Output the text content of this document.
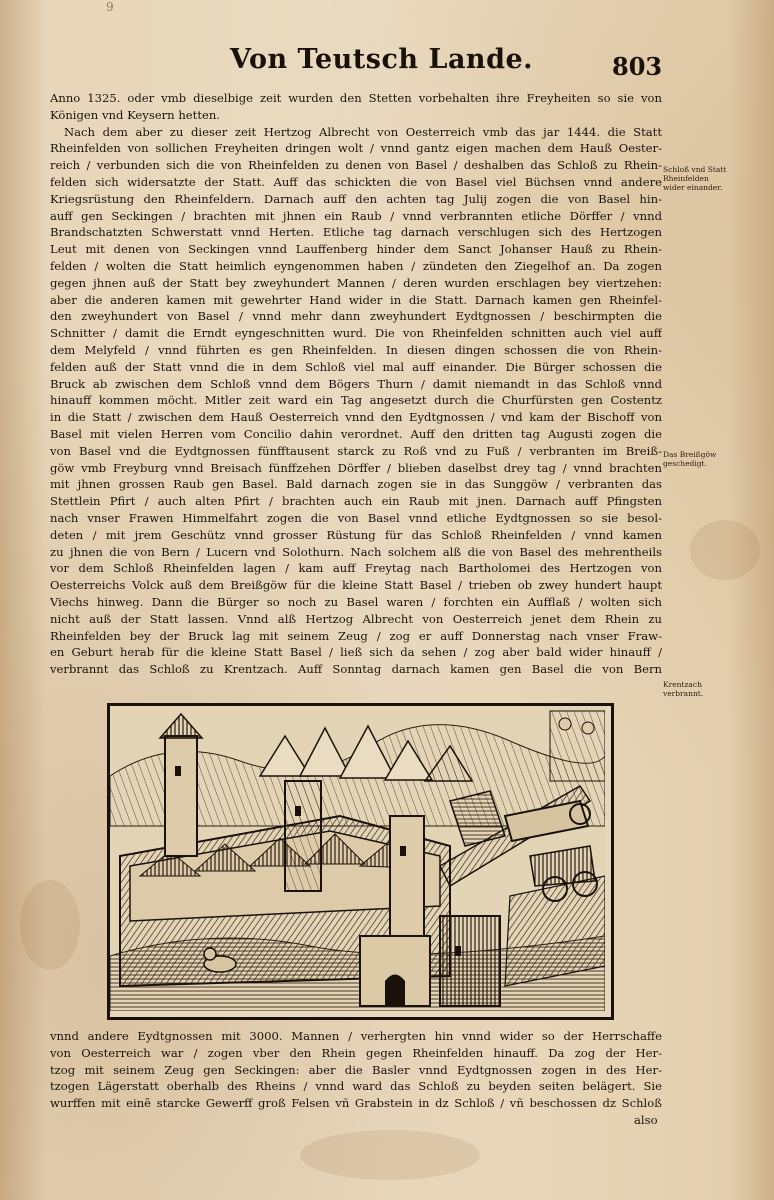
9
Von Teutsch Lande.	803
Anno 1325. oder vmb dieselbige zeit wurden den Stetten vorbehalten ihre Freyheiten so sie von
Königen vnd Keysern hetten.
Nach dem aber zu dieser zeit Hertzog Albrecht von Oesterreich vmb das jar 1444. die Statt
Rheinfelden von sollichen Freyheiten dringen wolt / vnnd gantz eigen machen dem Hauß Oester-
reich / verbunden sich die von Rheinfelden zu denen von Basel / deshalben das Schloß zu Rhein-
felden sich widersatzte der Statt. Auff das schickten die von Basel viel Büchsen vnnd andere
Kriegsrüstung den Rheinfeldern. Darnach auff den achten tag Julij zogen die von Basel hin-
auff gen Seckingen / brachten mit jhnen ein Raub / vnnd verbrannten etliche Dörffer / vnnd
Brandschatzten Schwerstatt vnnd Herten. Etliche tag darnach verschlugen sich des Hertzogen
Leut mit denen von Seckingen vnnd Lauffenberg hinder dem Sanct Johanser Hauß zu Rhein-
felden / wolten die Statt heimlich eyngenommen haben / zündeten den Ziegelhof an. Da zogen
gegen jhnen auß der Statt bey zweyhundert Mannen / deren wurden erschlagen bey viertzehen:
aber die anderen kamen mit gewehrter Hand wider in die Statt. Darnach kamen gen Rheinfel-
den zweyhundert von Basel / vnnd mehr dann zweyhundert Eydtgnossen / beschirmpten die
Schnitter / damit die Erndt eyngeschnitten wurd. Die von Rheinfelden schnitten auch viel auff
dem Melyfeld / vnnd führten es gen Rheinfelden. In diesen dingen schossen die von Rhein-
felden auß der Statt vnnd die in dem Schloß viel mal auff einander. Die Bürger schossen die
Bruck ab zwischen dem Schloß vnnd dem Bögers Thurn / damit niemandt in das Schloß vnnd
hinauff kommen möcht. Mitler zeit ward ein Tag angesetzt durch die Churfürsten gen Costentz
in die Statt / zwischen dem Hauß Oesterreich vnnd den Eydtgnossen / vnd kam der Bischoff von
Basel mit vielen Herren vom Concilio dahin verordnet. Auff den dritten tag Augusti zogen die
von Basel vnd die Eydtgnossen fünfftausent starck zu Roß vnd zu Fuß / verbranten im Breiß-
göw vmb Freyburg vnnd Breisach fünffzehen Dörffer / blieben daselbst drey tag / vnnd brachten
mit jhnen grossen Raub gen Basel. Bald darnach zogen sie in das Sunggöw / verbranten das
Stettlein Pfirt / auch alten Pfirt / brachten auch ein Raub mit jnen. Darnach auff Pfingsten
nach vnser Frawen Himmelfahrt zogen die von Basel vnnd etliche Eydtgnossen so sie besol-
deten / mit jrem Geschütz vnnd grosser Rüstung für das Schloß Rheinfelden / vnnd kamen
zu jhnen die von Bern / Lucern vnd Solothurn. Nach solchem alß die von Basel des mehrentheils
vor dem Schloß Rheinfelden lagen / kam auff Freytag nach Bartholomei des Hertzogen von
Oesterreichs Volck auß dem Breißgöw für die kleine Statt Basel / trieben ob zwey hundert haupt
Viechs hinweg. Dann die Bürger so noch zu Basel waren / forchten ein Aufflaß / wolten sich
nicht auß der Statt lassen. Vnnd alß Hertzog Albrecht von Oesterreich jenet dem Rhein zu
Rheinfelden bey der Bruck lag mit seinem Zeug / zog er auff Donnerstag nach vnser Fraw-
en Geburt herab für die kleine Statt Basel / ließ sich da sehen / zog aber bald wider hinauff /
verbrannt das Schloß zu Krentzach. Auff Sonntag darnach kamen gen Basel die von Bern
Schloß vnd Statt Rheinfelden wider einander.
Das Breißgöw geschedigt.
Krentzach verbrannt.
vnnd andere Eydtgnossen mit 3000. Mannen / verhergten hin vnnd wider so der Herrschaffe
von Oesterreich war / zogen vber den Rhein gegen Rheinfelden hinauff. Da zog der Her-
tzog mit seinem Zeug gen Seckingen: aber die Basler vnnd Eydtgnossen zogen in des Her-
tzogen Lägerstatt oberhalb des Rheins / vnnd ward das Schloß zu beyden seiten belägert. Sie
wurffen mit einẽ starcke Gewerff groß Felsen vñ Grabstein in dz Schloß / vñ beschossen dz Schloß
also
